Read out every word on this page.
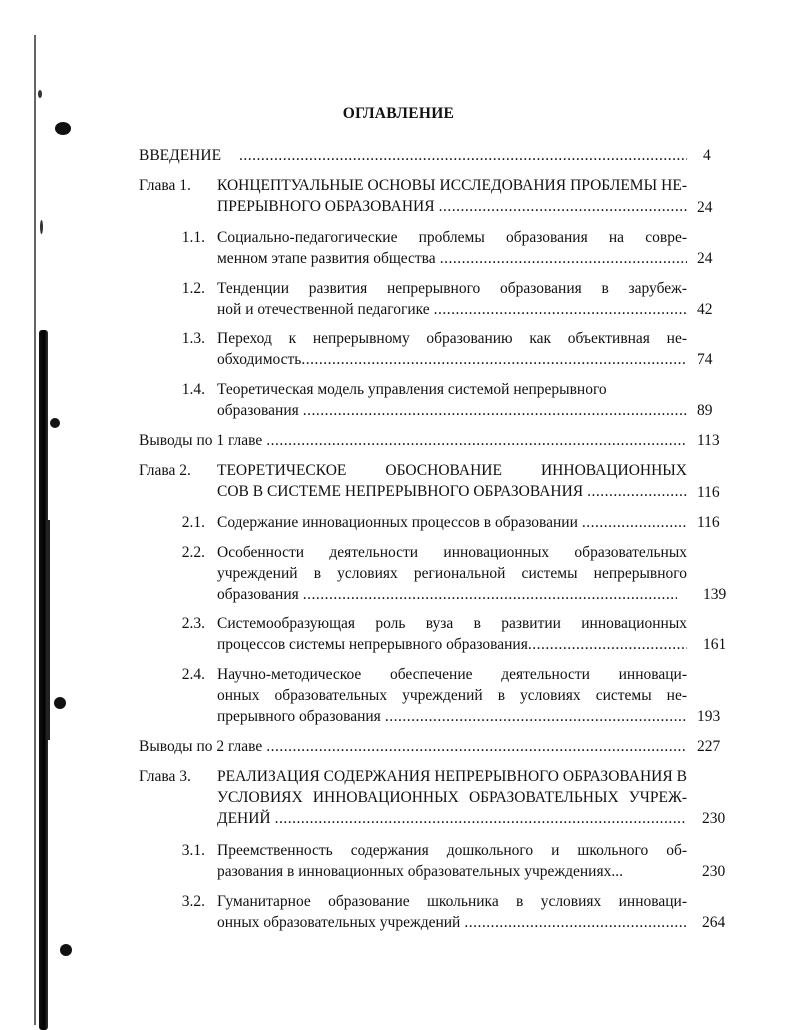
ОГЛАВЛЕНИЕ
ВВЕДЕНИЕ .....	4
Глава 1.	КОНЦЕПТУАЛЬНЫЕ ОСНОВЫ ИССЛЕДОВАНИЯ ПРОБЛЕМЫ НЕ-
ПРЕРЫВНОГО ОБРАЗОВАНИЯ .....	24
1.1. Социально-педагогические проблемы образования на совре-
менном этапе развития общества .....	24
1.2. Тенденции развития непрерывного образования в зарубеж-
ной и отечественной педагогике .....	42
1.3. Переход к непрерывному образованию как объективная не-
обходимость .....	74
1.4. Теоретическая модель управления системой непрерывного
образования .....	89
Выводы по 1 главе .....	113
Глава 2.	ТЕОРЕТИЧЕСКОЕ ОБОСНОВАНИЕ ИННОВАЦИОННЫХ
СОВ В СИСТЕМЕ НЕПРЕРЫВНОГО ОБРАЗОВАНИЯ .....	116
2.1. Содержание инновационных процессов в образовании .....	116
2.2. Особенности деятельности инновационных образовательных
учреждений в условиях региональной системы непрерывного
образования .....	139
2.3. Системообразующая роль вуза в развитии инновационных
процессов системы непрерывного образования .....	161
2.4. Научно-методическое обеспечение деятельности инноваци-
онных образовательных учреждений в условиях системы не-
прерывного образования .....	193
Выводы по 2 главе .....	227
Глава 3.	РЕАЛИЗАЦИЯ СОДЕРЖАНИЯ НЕПРЕРЫВНОГО ОБРАЗОВАНИЯ В
УСЛОВИЯХ ИННОВАЦИОННЫХ ОБРАЗОВАТЕЛЬНЫХ УЧРЕЖ-
ДЕНИЙ .....	230
3.1. Преемственность содержания дошкольного и школьного об-
разования в инновационных образовательных учреждениях...	230
3.2. Гуманитарное образование школьника в условиях инноваци-
онных образовательных учреждений .....	264
